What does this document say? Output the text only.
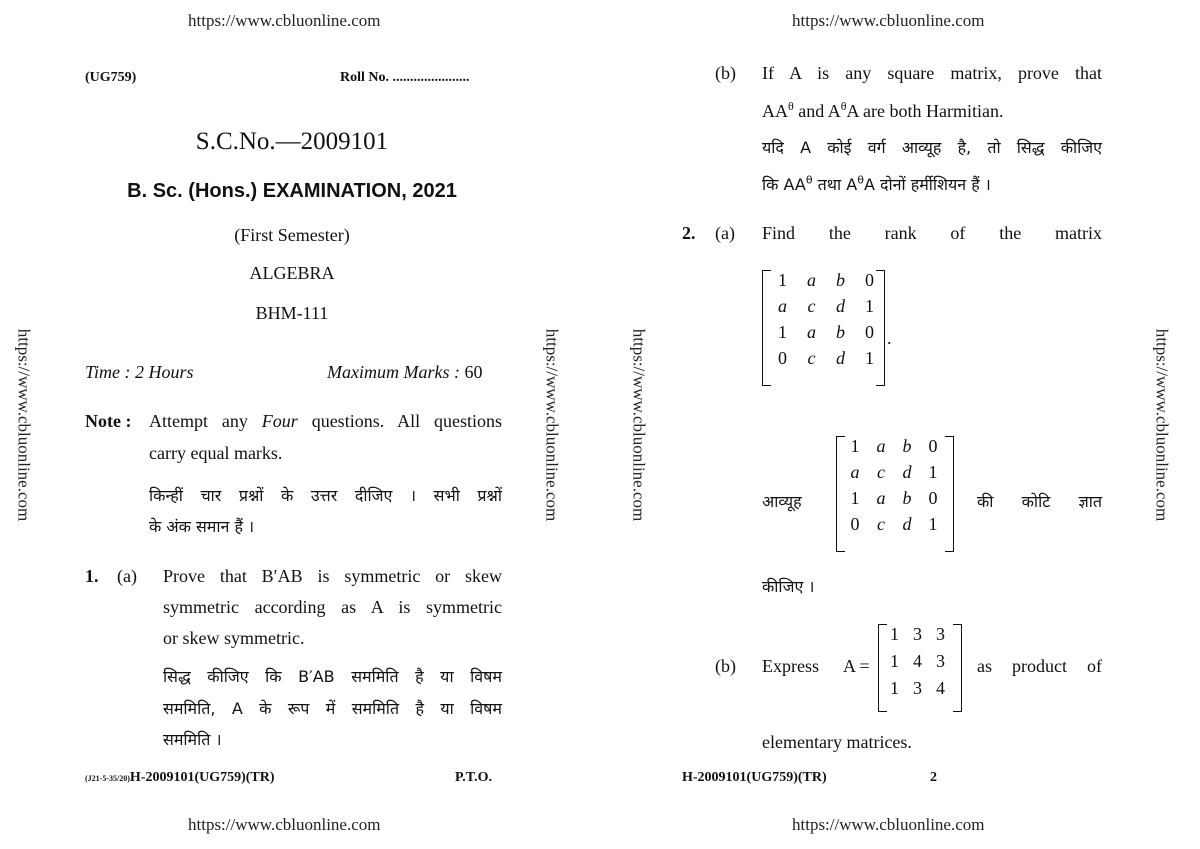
https://www.cbluonline.com	https://www.cbluonline.com
https://www.cbluonline.com	https://www.cbluonline.com
https://www.cbluonline.com	https://www.cbluonline.com	https://www.cbluonline.com	https://www.cbluonline.com
(UG759)	Roll No. ......................
S.C.No.—2009101
B. Sc. (Hons.) EXAMINATION, 2021
(First Semester)
ALGEBRA
BHM-111
Time : 2 Hours	Maximum Marks : 60
Note : Attempt any Four questions. All questions
carry equal marks.
किन्हीं चार प्रश्नों के उत्तर दीजिए । सभी प्रश्नों
के अंक समान हैं ।
1. (a) Prove that B′AB is symmetric or skew
symmetric according as A is symmetric
or skew symmetric.
सिद्ध कीजिए कि B′AB सममिति है या विषम
सममिति, A के रूप में सममिति है या विषम
सममिति ।
(J21-5-35/20)H-2009101(UG759)(TR)	P.T.O.
(b) If A is any square matrix, prove that
$AA^\theta$ and $A^\theta A$ are both Harmitian.
यदि A कोई वर्ग आव्यूह है, तो सिद्ध कीजिए
कि $AA^\theta$ तथा $A^\theta A$ दोनों हर्मीशियन हैं ।
2. (a) Find the rank of the matrix
1	a	b	0
a	c	d	1
1	a	b	0
0	c	d	1
.
आव्यूह
1 a b 0
a c d 1
1 a b 0
0 c d 1
की कोटि ज्ञात
कीजिए ।
(b) Express A =
1 3 3
1 4 3
1 3 4
as product of
elementary matrices.
H-2009101(UG759)(TR)	2
